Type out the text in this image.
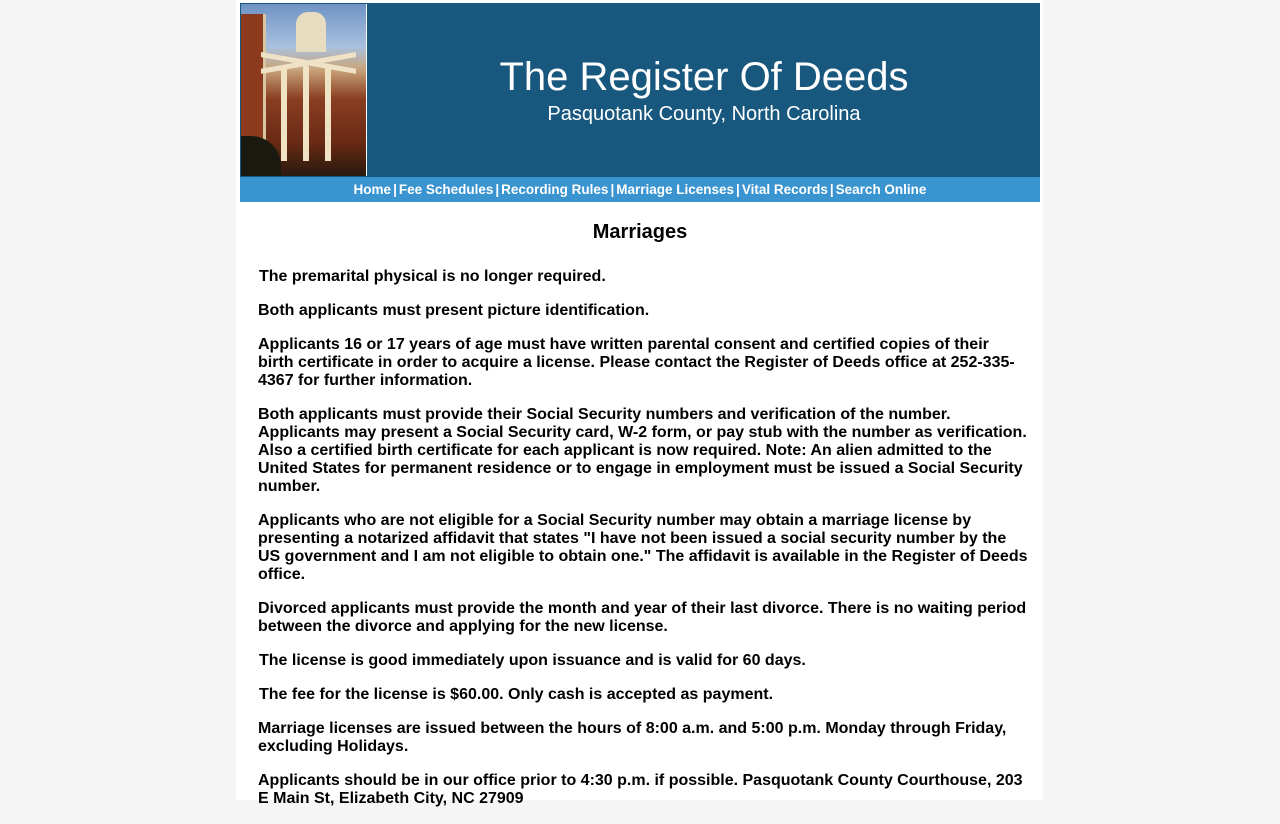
The Register Of Deeds
Pasquotank County, North Carolina
Home | Fee Schedules | Recording Rules | Marriage Licenses | Vital Records | Search Online
Marriages

The premarital physical is no longer required.

Both applicants must present picture identification.

Applicants 16 or 17 years of age must have written parental consent and certified copies of their birth certificate in order to acquire a license. Please contact the Register of Deeds office at 252-335-4367 for further information.

Both applicants must provide their Social Security numbers and verification of the number. Applicants may present a Social Security card, W-2 form, or pay stub with the number as verification. Also a certified birth certificate for each applicant is now required. Note: An alien admitted to the United States for permanent residence or to engage in employment must be issued a Social Security number.

Applicants who are not eligible for a Social Security number may obtain a marriage license by presenting a notarized affidavit that states "I have not been issued a social security number by the US government and I am not eligible to obtain one." The affidavit is available in the Register of Deeds office.

Divorced applicants must provide the month and year of their last divorce. There is no waiting period between the divorce and applying for the new license.

The license is good immediately upon issuance and is valid for 60 days.

The fee for the license is $60.00. Only cash is accepted as payment.

Marriage licenses are issued between the hours of 8:00 a.m. and 5:00 p.m. Monday through Friday, excluding Holidays.

Applicants should be in our office prior to 4:30 p.m. if possible. Pasquotank County Courthouse, 203 E Main St, Elizabeth City, NC 27909
